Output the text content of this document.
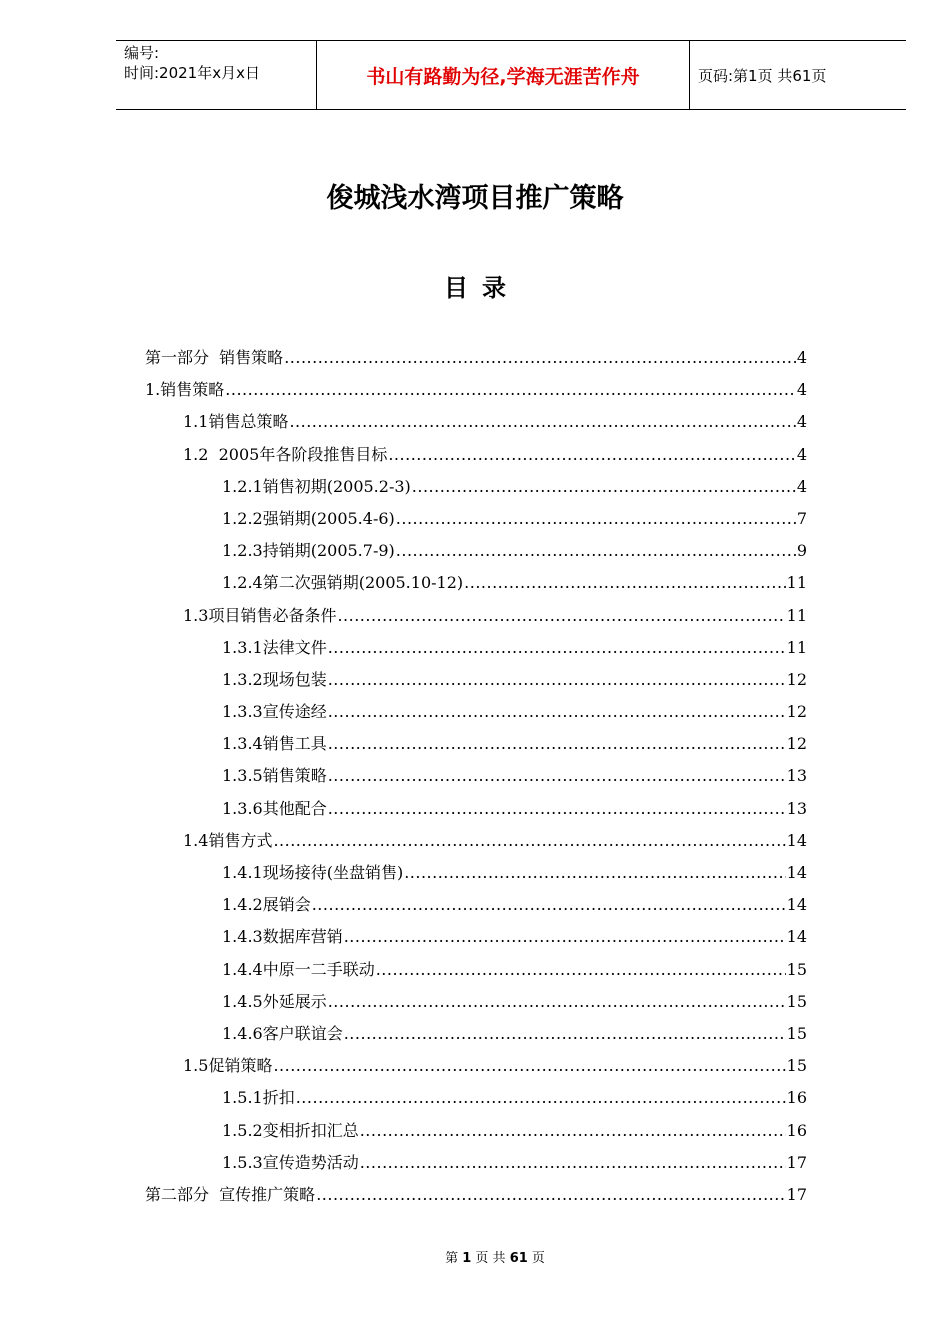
编号:
时间:2021年x月x日	书山有路勤为径,学海无涯苦作舟	页码:第1页 共61页
俊城浅水湾项目推广策略
目录
第一部分  销售策略 .....	4
1.销售策略 .....	4
1.1销售总策略 .....	4
1.2  2005年各阶段推售目标 .....	4
1.2.1销售初期(2005.2-3) .....	4
1.2.2强销期(2005.4-6) .....	7
1.2.3持销期(2005.7-9) .....	9
1.2.4第二次强销期(2005.10-12) .....	11
1.3项目销售必备条件 .....	11
1.3.1法律文件 .....	11
1.3.2现场包装 .....	12
1.3.3宣传途经 .....	12
1.3.4销售工具 .....	12
1.3.5销售策略 .....	13
1.3.6其他配合 .....	13
1.4销售方式 .....	14
1.4.1现场接待(坐盘销售) .....	14
1.4.2展销会 .....	14
1.4.3数据库营销 .....	14
1.4.4中原一二手联动 .....	15
1.4.5外延展示 .....	15
1.4.6客户联谊会 .....	15
1.5促销策略 .....	15
1.5.1折扣 .....	16
1.5.2变相折扣汇总 .....	16
1.5.3宣传造势活动 .....	17
第二部分  宣传推广策略 .....	17
第 1 页 共 61 页
